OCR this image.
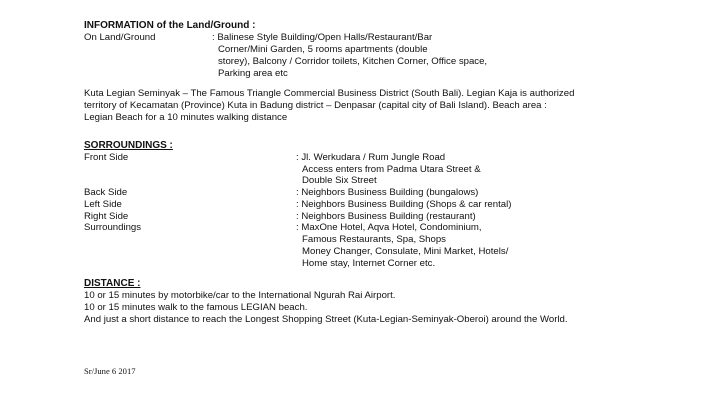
INFORMATION of the Land/Ground :
On Land/Ground	: Balinese Style Building/Open Halls/Restaurant/Bar
Corner/Mini Garden, 5 rooms apartments (double
storey), Balcony / Corridor toilets, Kitchen Corner, Office space,
Parking area etc
Kuta Legian Seminyak – The Famous Triangle Commercial Business District (South Bali). Legian Kaja is authorized
territory of Kecamatan (Province) Kuta in Badung district – Denpasar (capital city of Bali Island). Beach area :
Legian Beach for a 10 minutes walking distance
SORROUNDINGS :
Front Side	: Jl. Werkudara / Rum Jungle Road
Access enters from Padma Utara Street &
Double Six Street
Back Side	: Neighbors Business Building (bungalows)
Left Side	: Neighbors Business Building (Shops & car rental)
Right Side	: Neighbors Business Building (restaurant)
Surroundings	: MaxOne Hotel, Aqva Hotel, Condominium,
Famous Restaurants, Spa, Shops
Money Changer, Consulate, Mini Market, Hotels/
Home stay, Internet Corner etc.
DISTANCE :
10 or 15 minutes by motorbike/car to the International Ngurah Rai Airport.
10 or 15 minutes walk to the famous LEGIAN beach.
And just a short distance to reach the Longest Shopping Street (Kuta-Legian-Seminyak-Oberoi) around the World.
Sr/June 6 2017
